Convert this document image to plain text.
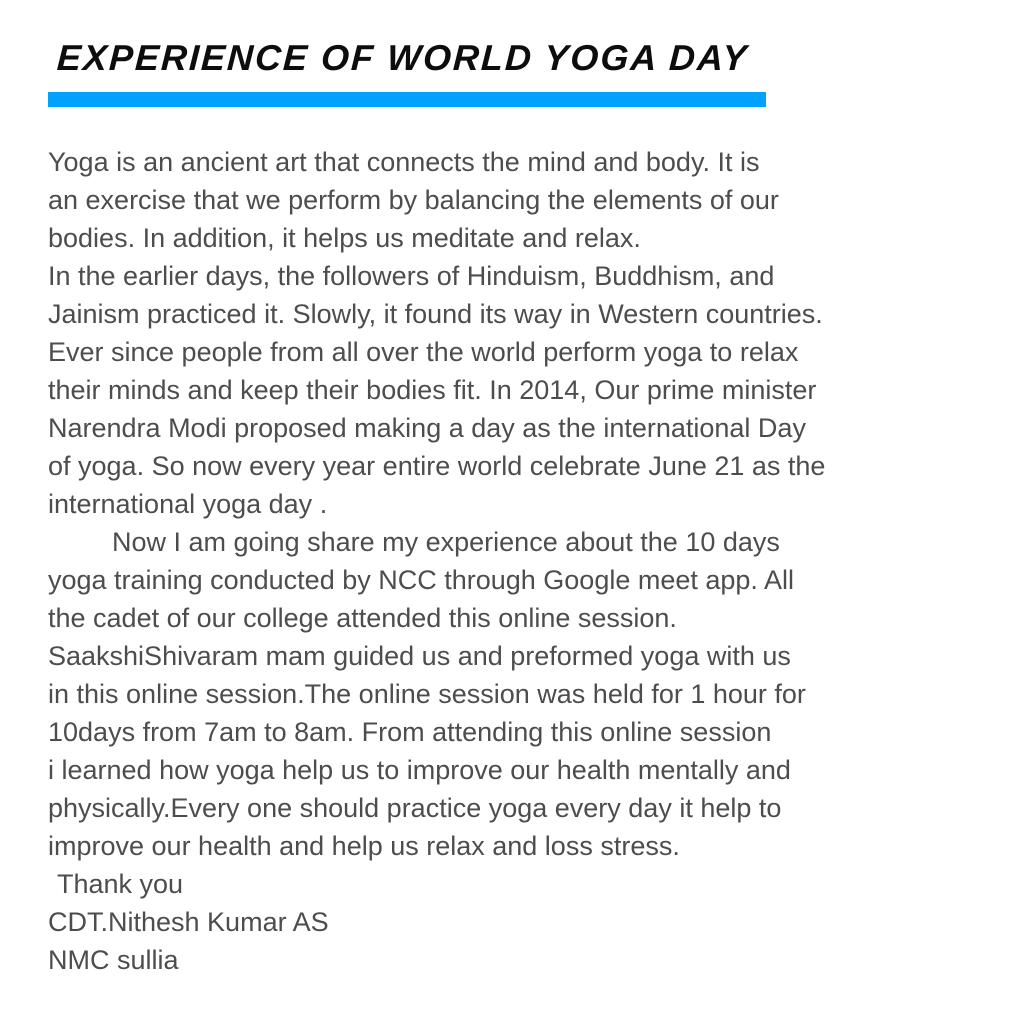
EXPERIENCE OF WORLD YOGA DAY
Yoga is an ancient art that connects the mind and body. It is
an exercise that we perform by balancing the elements of our
bodies. In addition, it helps us meditate and relax.
In the earlier days, the followers of Hinduism, Buddhism, and
Jainism practiced it. Slowly, it found its way in Western countries.
Ever since people from all over the world perform yoga to relax
their minds and keep their bodies fit. In 2014, Our prime minister
Narendra Modi proposed making a day as the international Day
of yoga. So now every year entire world celebrate June 21 as the
international yoga day .
Now I am going share my experience about the 10 days
yoga training conducted by NCC through Google meet app. All
the cadet of our college attended this online session.
SaakshiShivaram mam guided us and preformed yoga with us
in this online session.The online session was held for 1 hour for
10days from 7am to 8am. From attending this online session
i learned how yoga help us to improve our health mentally and
physically.Every one should practice yoga every day it help to
improve our health and help us relax and loss stress.
Thank you
CDT.Nithesh Kumar AS
NMC sullia
